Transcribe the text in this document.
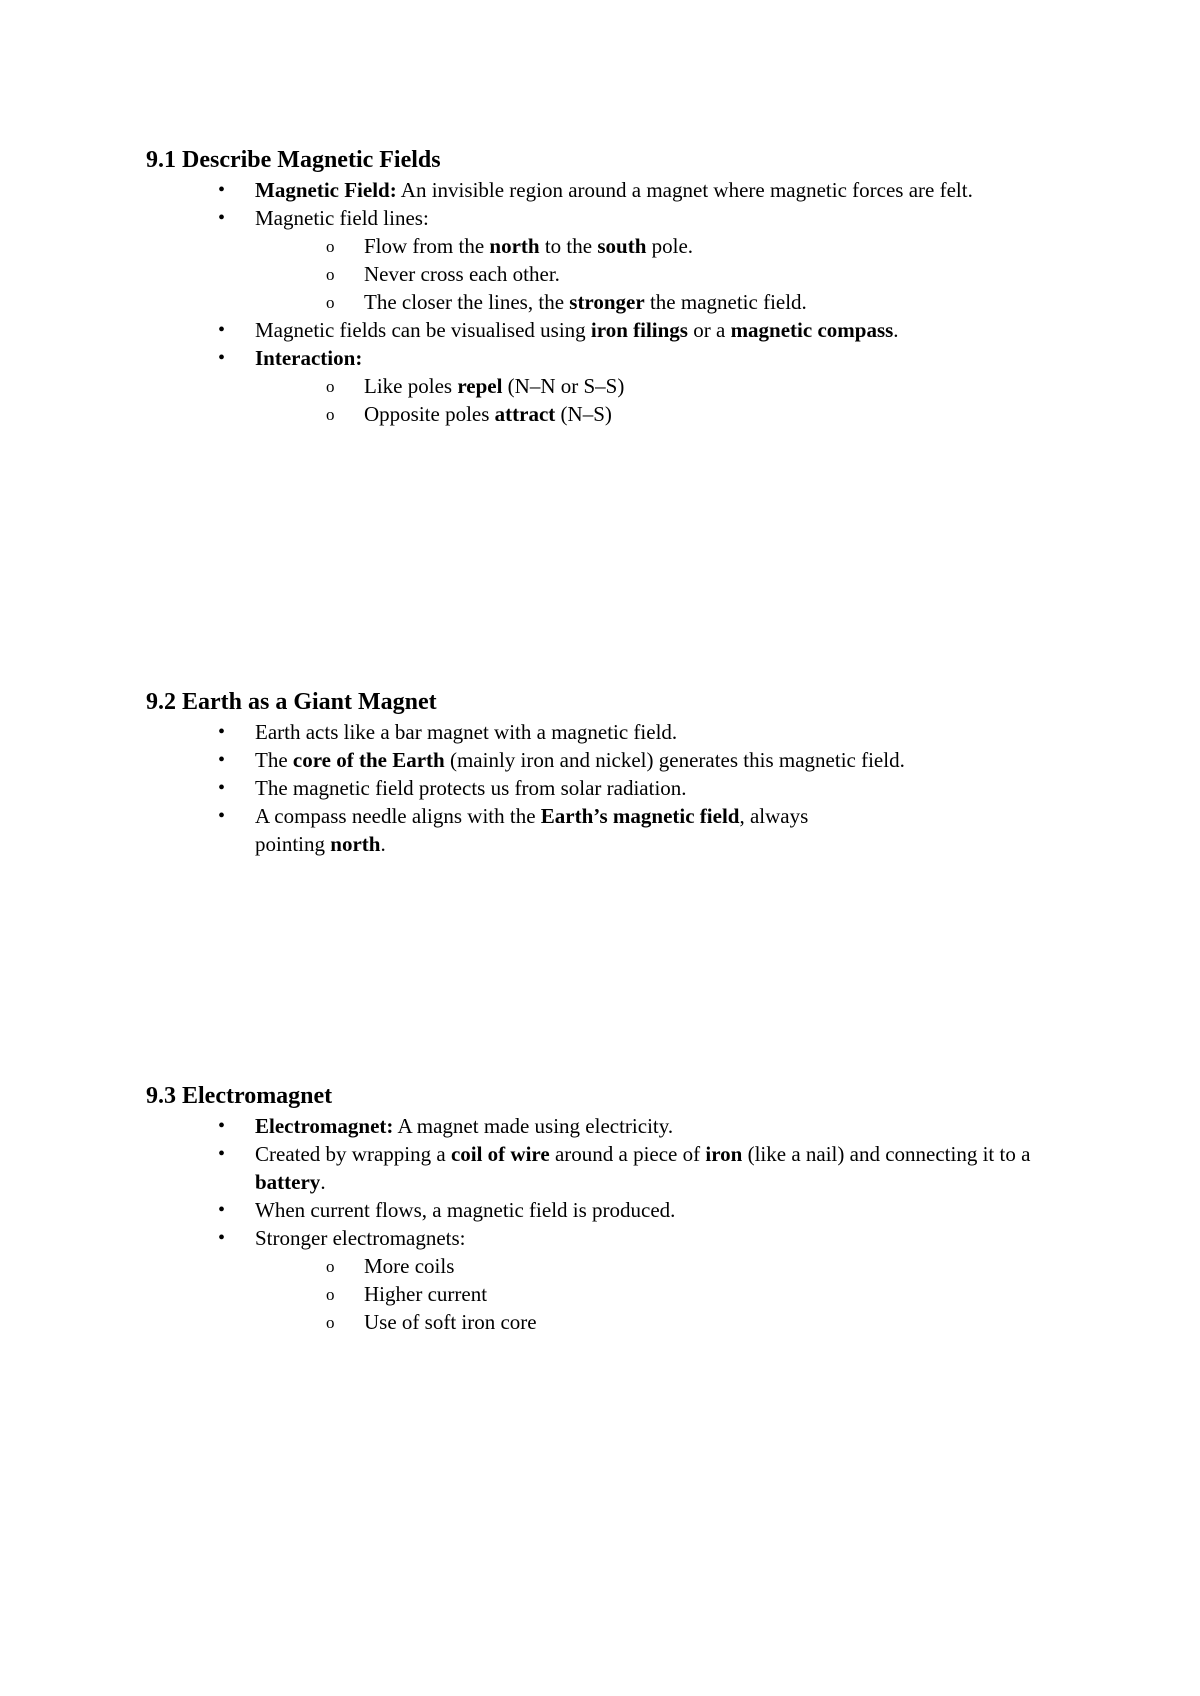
9.1 Describe Magnetic Fields
• Magnetic Field: An invisible region around a magnet where magnetic forces are felt.
• Magnetic field lines:
o Flow from the north to the south pole.
o Never cross each other.
o The closer the lines, the stronger the magnetic field.
• Magnetic fields can be visualised using iron filings or a magnetic compass.
• Interaction:
o Like poles repel (N–N or S–S)
o Opposite poles attract (N–S)
9.2 Earth as a Giant Magnet
• Earth acts like a bar magnet with a magnetic field.
• The core of the Earth (mainly iron and nickel) generates this magnetic field.
• The magnetic field protects us from solar radiation.
• A compass needle aligns with the Earth’s magnetic field, always
pointing north.
9.3 Electromagnet
• Electromagnet: A magnet made using electricity.
• Created by wrapping a coil of wire around a piece of iron (like a nail) and connecting it to a battery.
• When current flows, a magnetic field is produced.
• Stronger electromagnets:
o More coils
o Higher current
o Use of soft iron core
